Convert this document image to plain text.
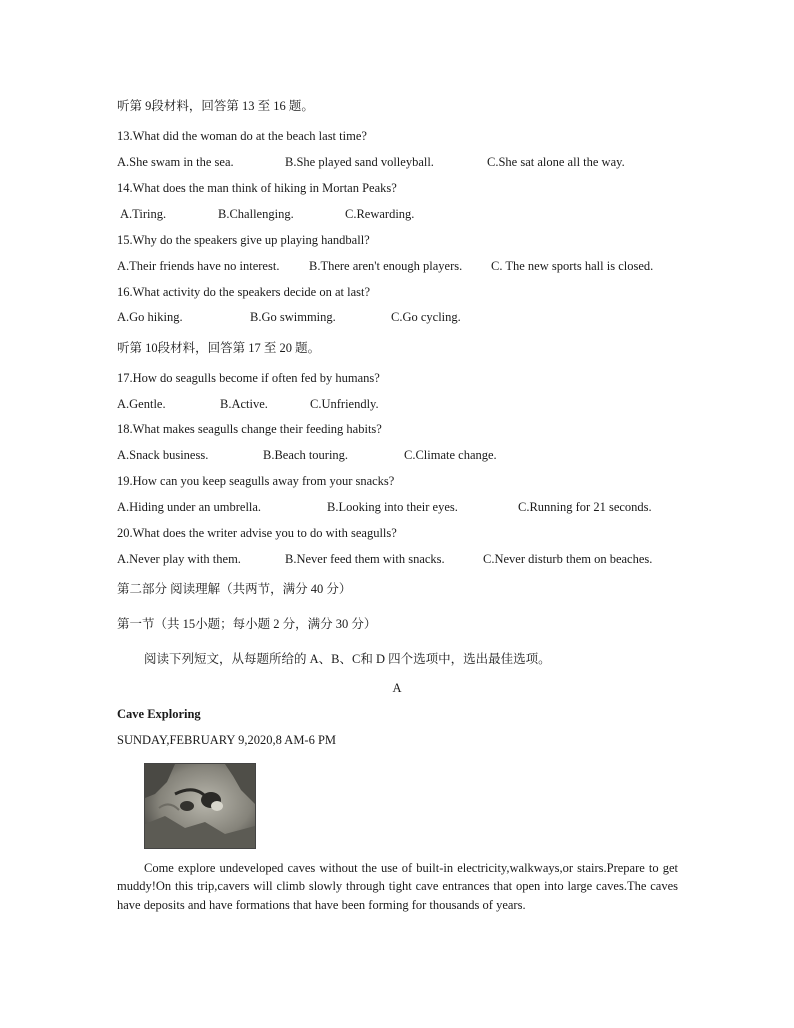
听第 9段材料，回答第 13 至 16 题。
13.What did the woman do at the beach last time?
A.She swam in the sea.	B.She played sand volleyball.	C.She sat alone all the way.
14.What does the man think of hiking in Mortan Peaks?
A.Tiring.	B.Challenging.	C.Rewarding.
15.Why do the speakers give up playing handball?
A.Their friends have no interest. B.There aren't enough players. C. The new sports hall is closed.
16.What activity do the speakers decide on at last?
A.Go hiking.	B.Go swimming.	C.Go cycling.
听第 10段材料，回答第 17 至 20 题。
17.How do seagulls become if often fed by humans?
A.Gentle.	B.Active.	C.Unfriendly.
18.What makes seagulls change their feeding habits?
A.Snack business.	B.Beach touring.	C.Climate change.
19.How can you keep seagulls away from your snacks?
A.Hiding under an umbrella.	B.Looking into their eyes.	C.Running for 21 seconds.
20.What does the writer advise you to do with seagulls?
A.Never play with them.	B.Never feed them with snacks.	C.Never disturb them on beaches.
第二部分 阅读理解（共两节，满分 40 分）
第一节（共 15小题；每小题 2 分，满分 30 分）
阅读下列短文，从每题所给的 A、B、C和 D 四个选项中，选出最佳选项。
A
Cave Exploring
SUNDAY,FEBRUARY 9,2020,8 AM-6 PM
Come explore undeveloped caves without the use of built-in electricity,walkways,or stairs.Prepare to get muddy!On this trip,cavers will climb slowly through tight cave entrances that open into large caves.The caves have deposits and have formations that have been forming for thousands of years.
